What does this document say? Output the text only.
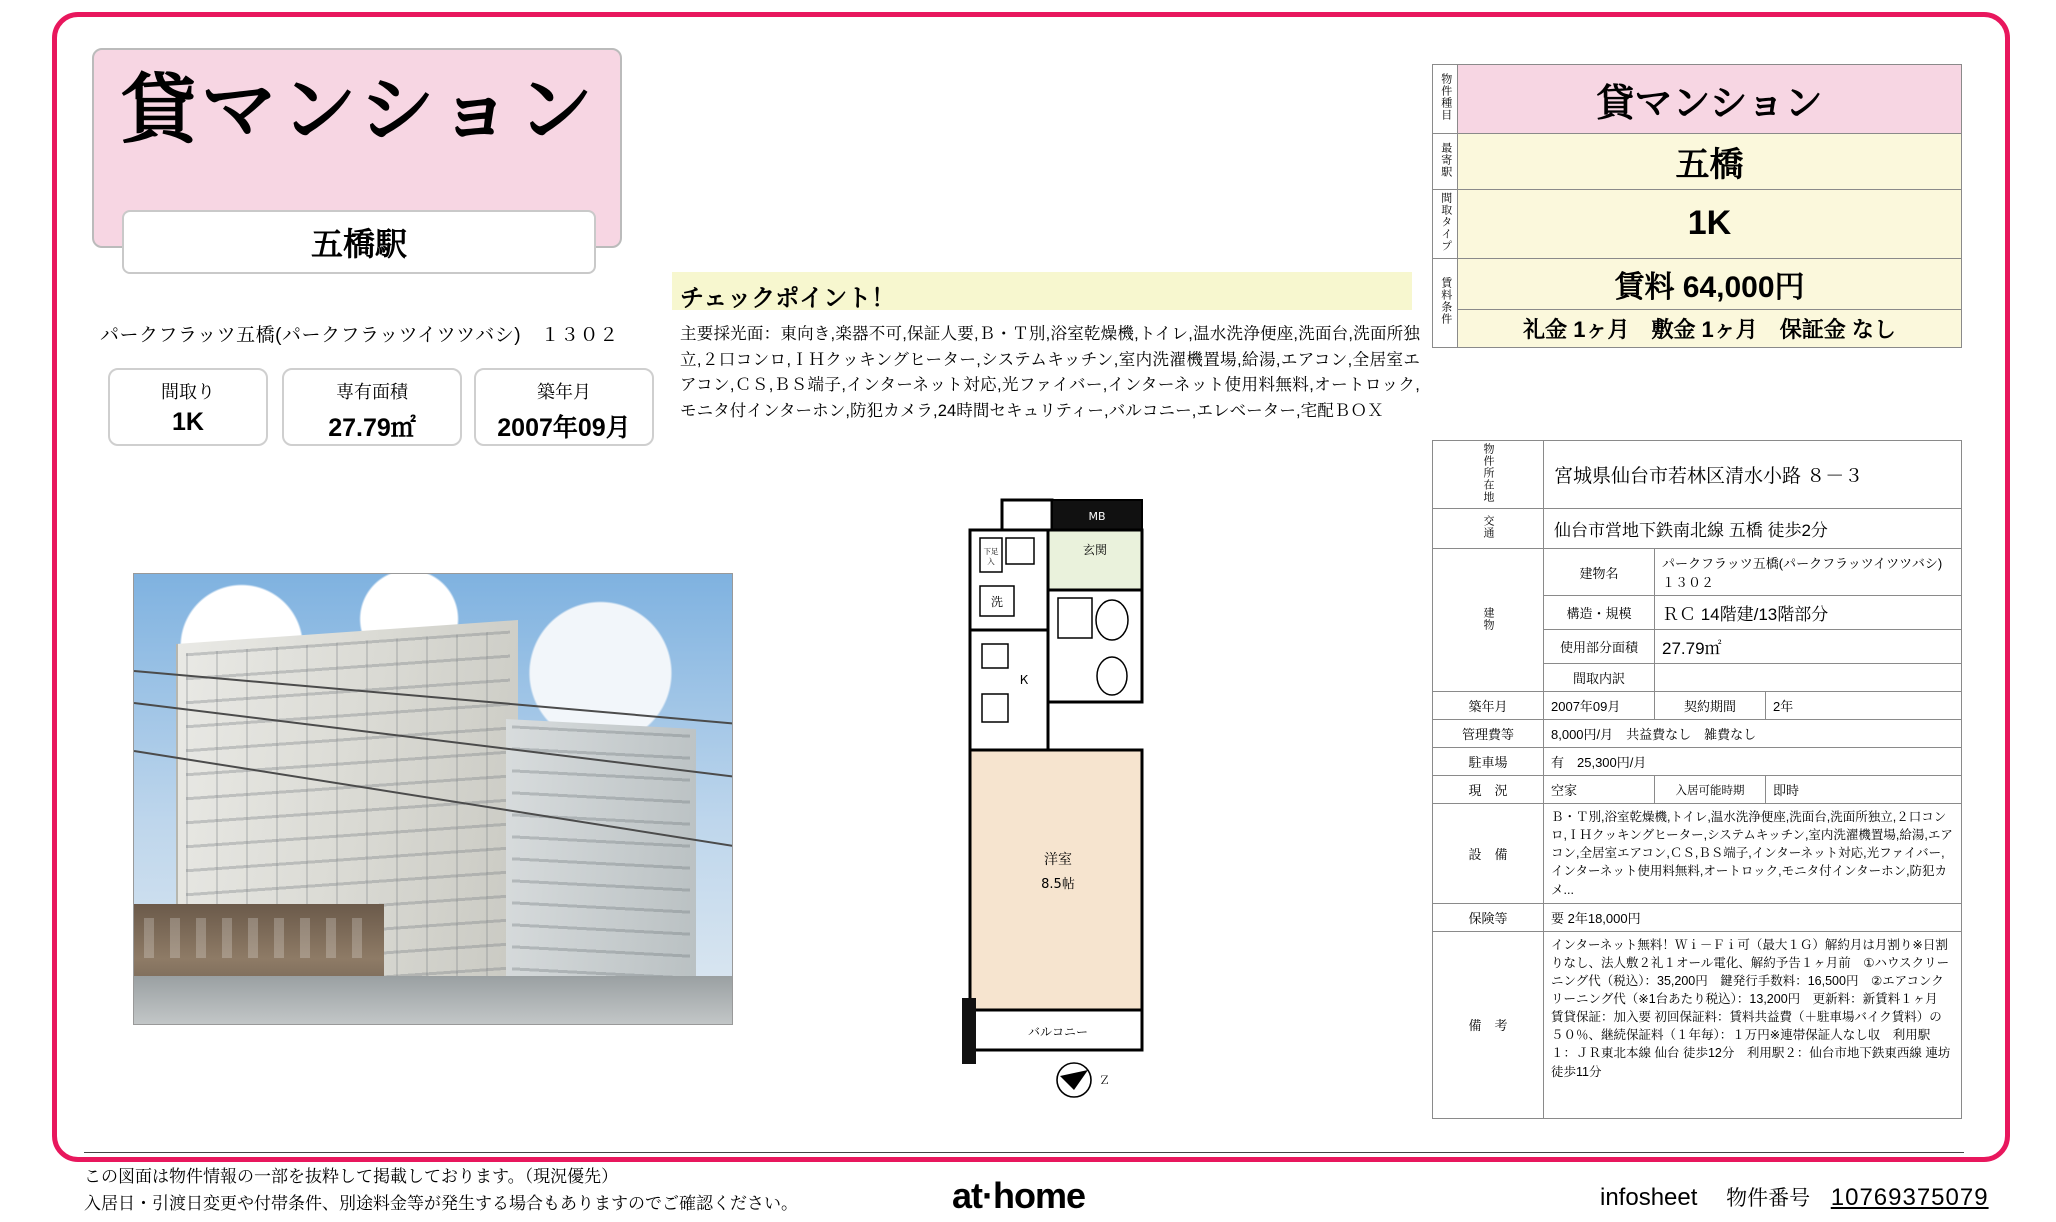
貸マンション
五橋駅
パークフラッツ五橋(パークフラッツイツツバシ)　１３０２
間取り
1K
専有面積
27.79㎡
築年月
2007年09月
チェックポイント！
主要採光面：東向き,楽器不可,保証人要,Ｂ・Ｔ別,浴室乾燥機,トイレ,温水洗浄便座,洗面台,洗面所独立,２口コンロ,ＩＨクッキングヒーター,システムキッチン,室内洗濯機置場,給湯,エアコン,全居室エアコン,ＣＳ,ＢＳ端子,インターネット対応,光ファイバー,インターネット使用料無料,オートロック,モニタ付インターホン,防犯カメラ,24時間セキュリティー,バルコニー,エレベーター,宅配ＢＯＸ
MB
玄関
下足
入
洗
К
洋室
8.5帖
バルコニー
Ｚ
物件種目	貸マンション
最寄駅	五橋
間取タイプ	1K
賃料条件	賃料 64,000円
	礼金 1ヶ月　敷金 1ヶ月　保証金 なし
物件所在地	宮城県仙台市若林区清水小路 ８－３		
交通	仙台市営地下鉄南北線 五橋 徒歩2分		
建物	建物名	パークフラッツ五橋(パークフラッツイツツバシ)　１３０２	
	構造・規模	ＲＣ 14階建/13階部分	
	使用部分面積	27.79㎡	
	間取内訳		
築年月	2007年09月	契約期間	2年
管理費等	8,000円/月　共益費なし　雑費なし		
駐車場	有　25,300円/月		
現　況	空家	入居可能時期	即時
設　備	Ｂ・Ｔ別,浴室乾燥機,トイレ,温水洗浄便座,洗面台,洗面所独立,２口コンロ,ＩＨクッキングヒーター,システムキッチン,室内洗濯機置場,給湯,エアコン,全居室エアコン,ＣＳ,ＢＳ端子,インターネット対応,光ファイバー,インターネット使用料無料,オートロック,モニタ付インターホン,防犯カメ...		
保険等	要 2年18,000円		
備　考	インターネット無料！Ｗｉ－Ｆｉ可（最大１Ｇ）解約月は月割り※日割りなし、法人敷２礼１オール電化、解約予告１ヶ月前　①ハウスクリーニング代（税込）：35,200円　鍵発行手数料：16,500円　②エアコンクリーニング代（※1台あたり税込）：13,200円　更新料：新賃料１ヶ月　賃貸保証：加入要 初回保証料：賃料共益費（＋駐車場バイク賃料）の５０％、継続保証料（１年毎）：１万円※連帯保証人なし収　利用駅１：ＪＲ東北本線 仙台 徒歩12分　利用駅２：仙台市地下鉄東西線 連坊 徒歩11分		
この図面は物件情報の一部を抜粋して掲載しております。（現況優先）
入居日・引渡日変更や付帯条件、別途料金等が発生する場合もありますのでご確認ください。	at·home	infosheet 物件番号 10769375079
